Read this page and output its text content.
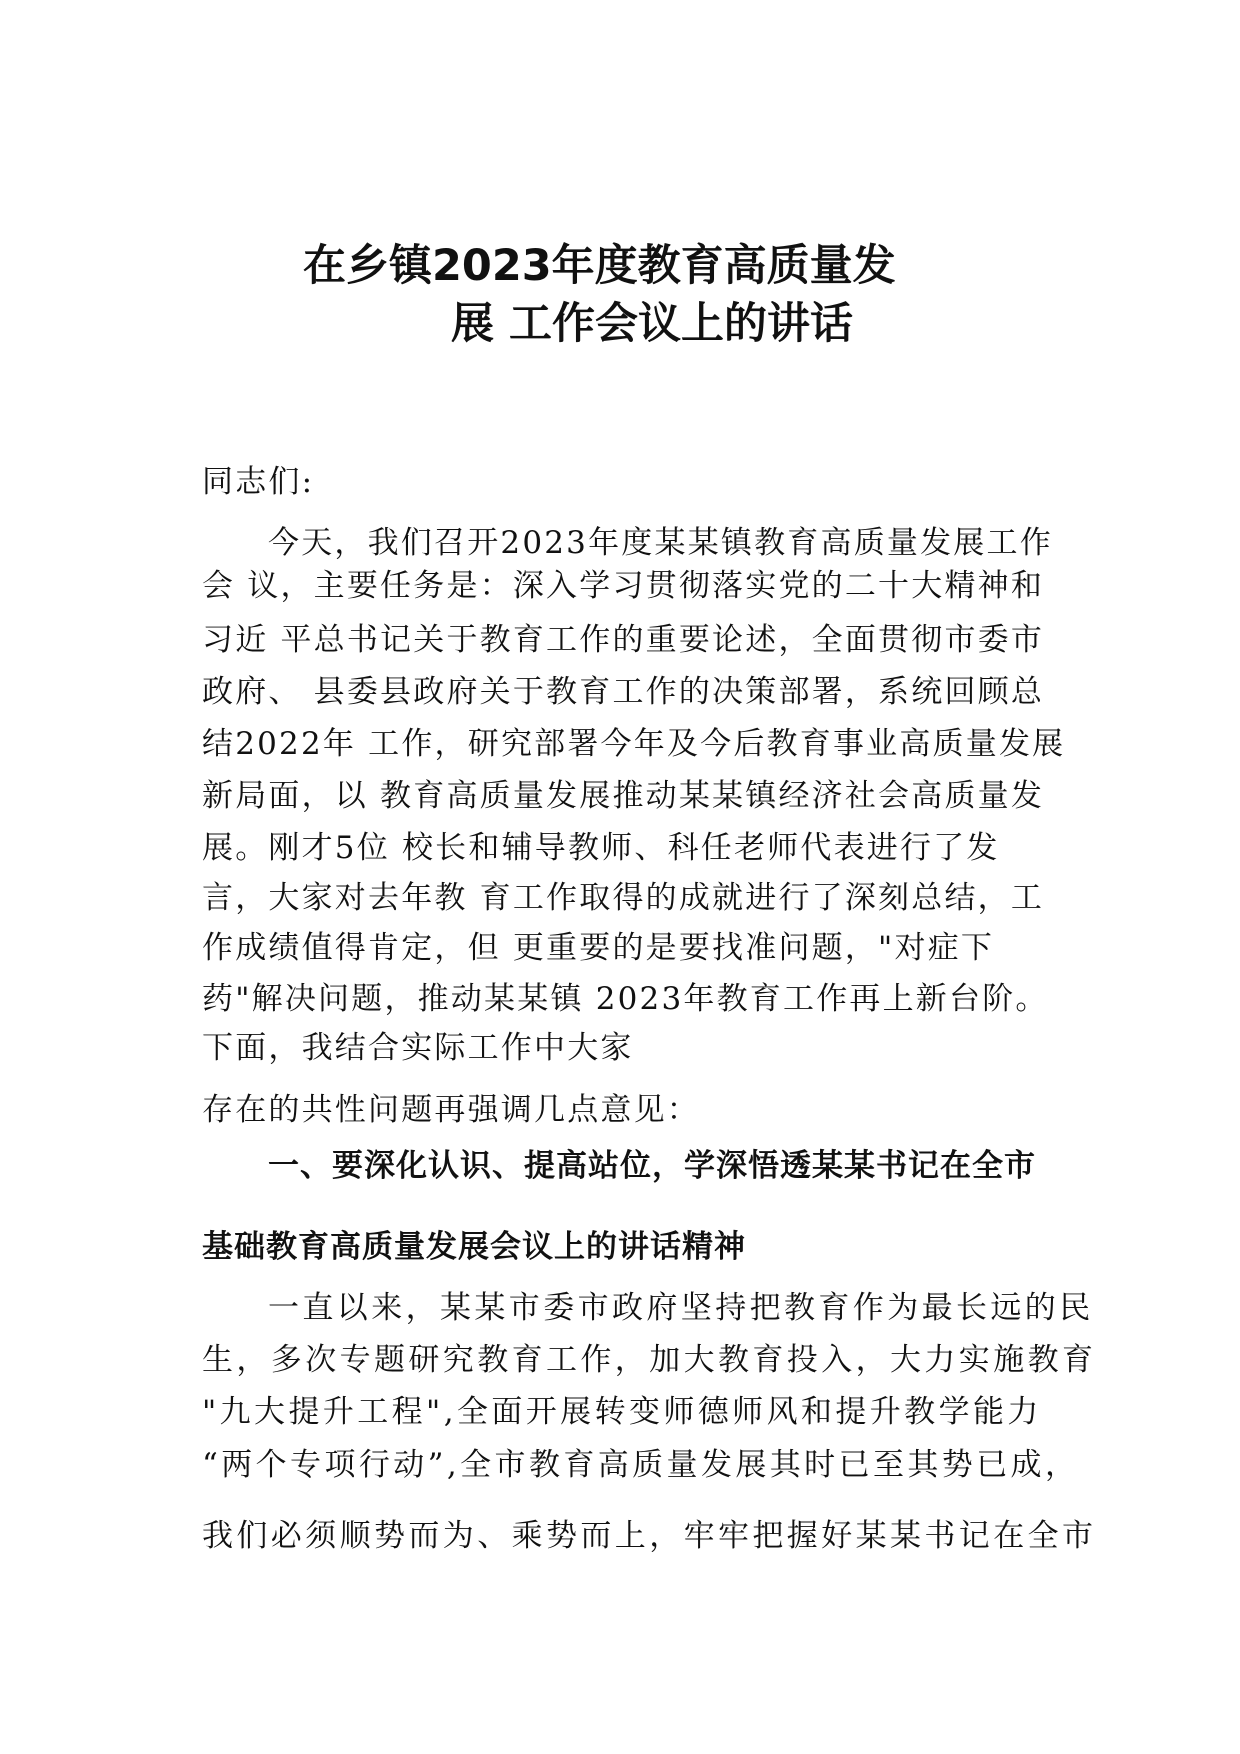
在乡镇2023年度教育高质量发
展 工作会议上的讲话
同志们:
今天，我们召开2023年度某某镇教育高质量发展工作
会 议，主要任务是：深入学习贯彻落实党的二十大精神和
习近 平总书记关于教育工作的重要论述，全面贯彻市委市
政府、 县委县政府关于教育工作的决策部署，系统回顾总
结2022年 工作，研究部署今年及今后教育事业高质量发展
新局面，以 教育高质量发展推动某某镇经济社会高质量发
展。刚才5位 校长和辅导教师、科任老师代表进行了发
言，大家对去年教 育工作取得的成就进行了深刻总结，工
作成绩值得肯定，但 更重要的是要找准问题，"对症下
药"解决问题，推动某某镇 2023年教育工作再上新台阶。
下面，我结合实际工作中大家
存在的共性问题再强调几点意见：
一、要深化认识、提高站位，学深悟透某某书记在全市
基础教育高质量发展会议上的讲话精神
一直以来，某某市委市政府坚持把教育作为最长远的民
生，多次专题研究教育工作，加大教育投入，大力实施教育
"九大提升工程",全面开展转变师德师风和提升教学能力
“两个专项行动”,全市教育高质量发展其时已至其势已成，
我们必须顺势而为、乘势而上，牢牢把握好某某书记在全市
